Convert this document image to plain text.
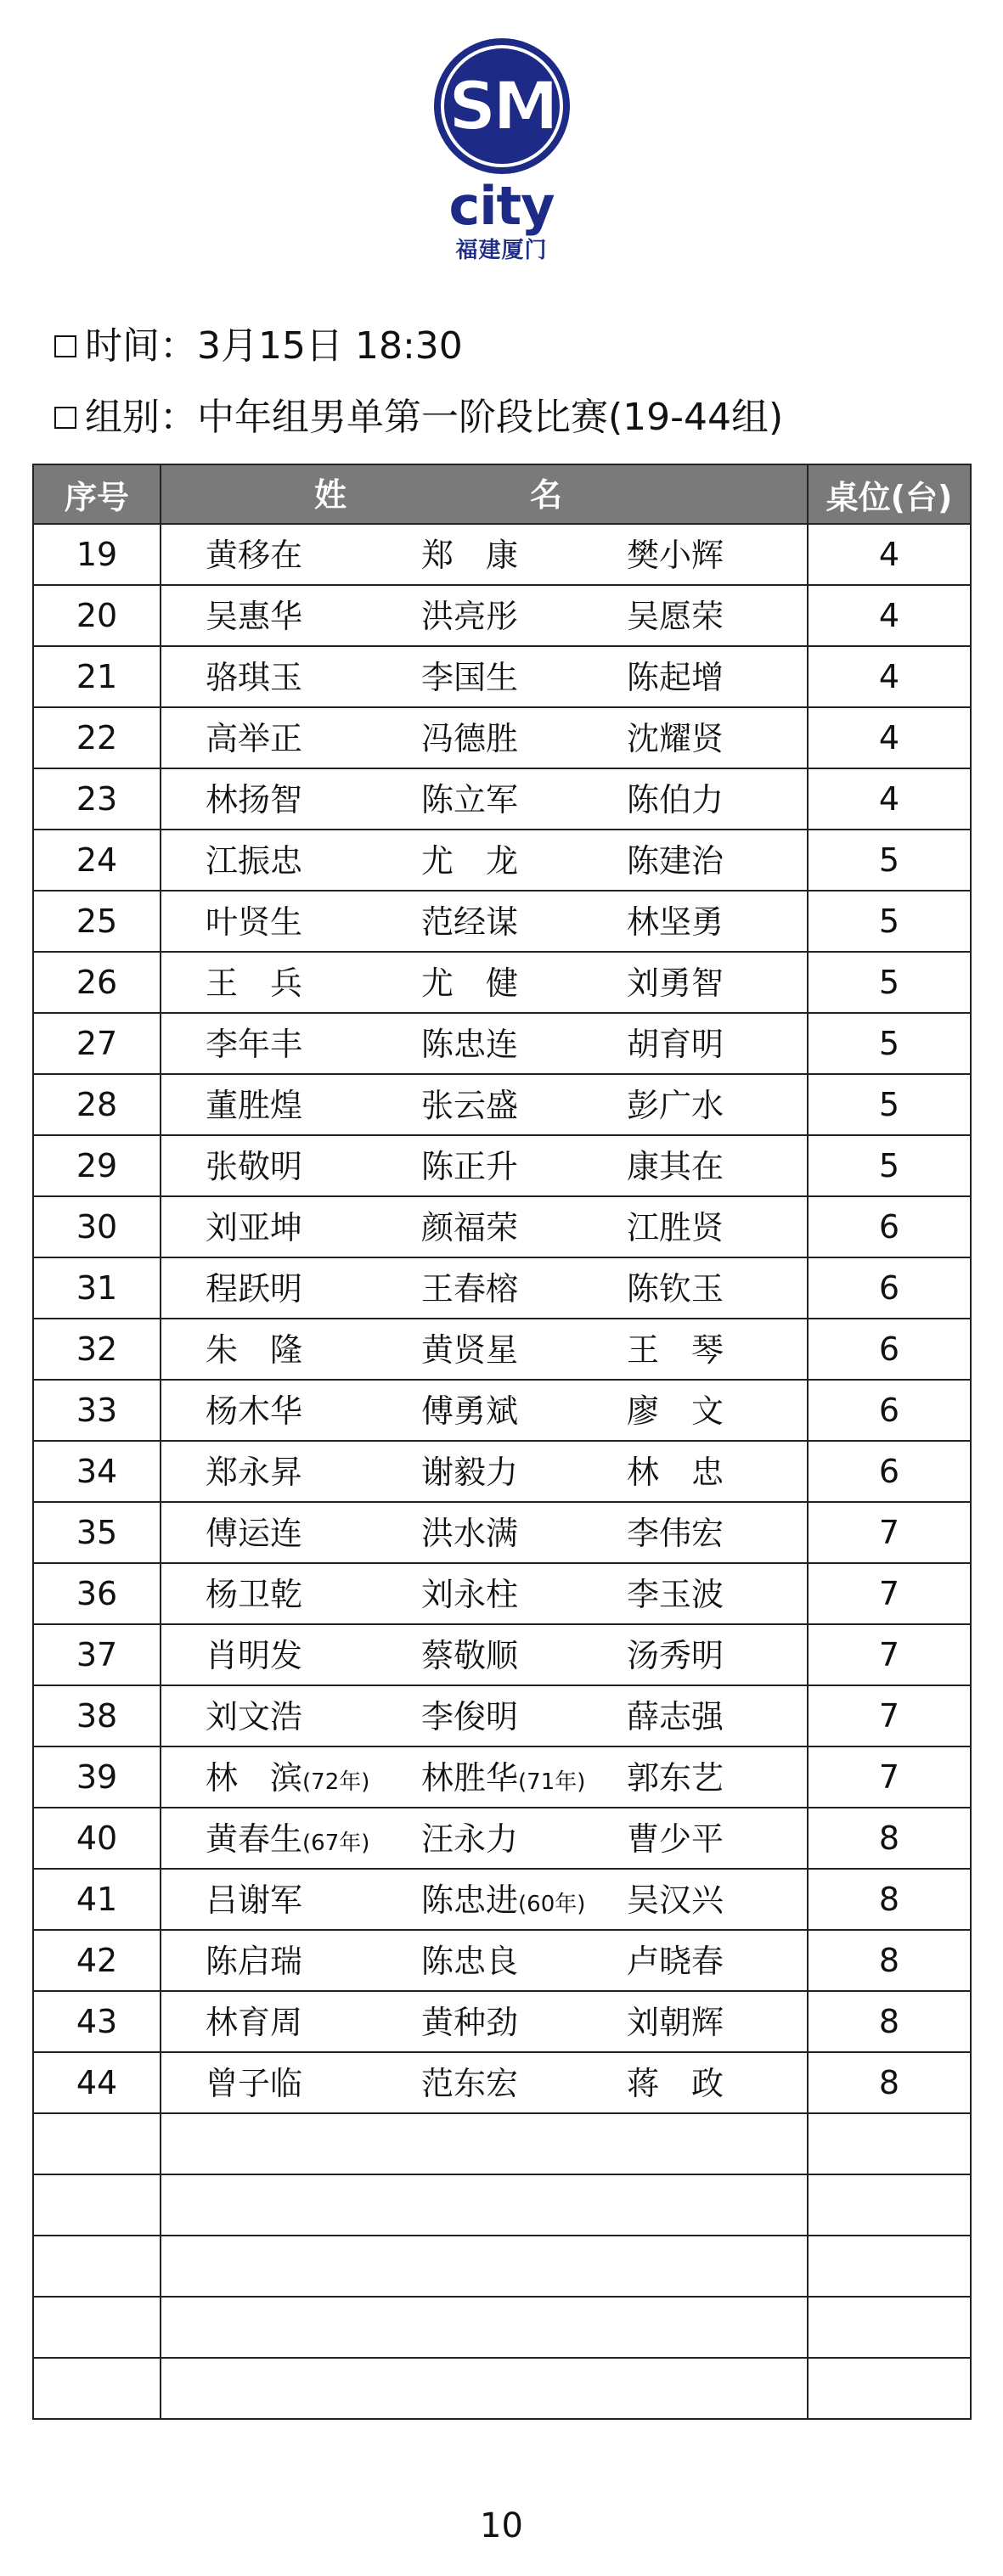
SM
city
福建厦门
时间： 3月15日 18:30
组别： 中年组男单第一阶段比赛(19-44组)
序号	姓 名	桌位(台)
19	黄移在 郑　康 樊小辉	4
20	吴惠华 洪亮彤 吴愿荣	4
21	骆琪玉 李国生 陈起增	4
22	高举正 冯德胜 沈耀贤	4
23	林扬智 陈立军 陈伯力	4
24	江振忠 尤　龙 陈建治	5
25	叶贤生 范经谋 林坚勇	5
26	王　兵 尤　健 刘勇智	5
27	李年丰 陈忠连 胡育明	5
28	董胜煌 张云盛 彭广水	5
29	张敬明 陈正升 康其在	5
30	刘亚坤 颜福荣 江胜贤	6
31	程跃明 王春榕 陈钦玉	6
32	朱　隆 黄贤星 王　琴	6
33	杨木华 傅勇斌 廖　文	6
34	郑永昇 谢毅力 林　忠	6
35	傅运连 洪水满 李伟宏	7
36	杨卫乾 刘永柱 李玉波	7
37	肖明发 蔡敬顺 汤秀明	7
38	刘文浩 李俊明 薛志强	7
39	林　滨(72年) 林胜华(71年) 郭东艺	7
40	黄春生(67年) 汪永力 曹少平	8
41	吕谢军 陈忠进(60年) 吴汉兴	8
42	陈启瑞 陈忠良 卢晓春	8
43	林育周 黄种劲 刘朝辉	8
44	曾子临 范东宏 蒋　政	8

10
